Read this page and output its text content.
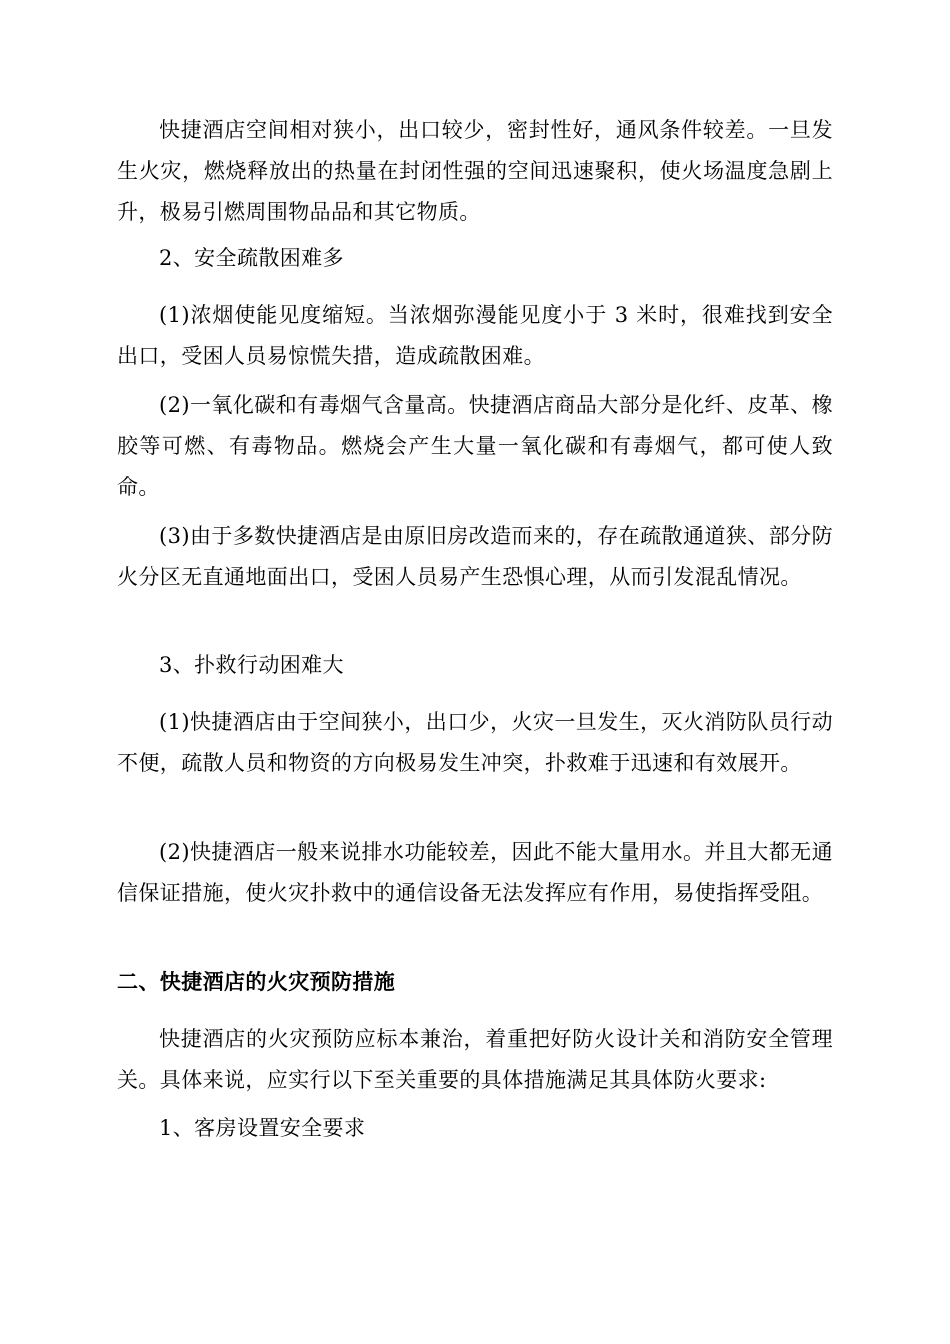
快捷酒店空间相对狭小，出口较少，密封性好，通风条件较差。一旦发生火灾，燃烧释放出的热量在封闭性强的空间迅速聚积，使火场温度急剧上升，极易引燃周围物品品和其它物质。

2、安全疏散困难多

(1)浓烟使能见度缩短。当浓烟弥漫能见度小于 3 米时，很难找到安全出口，受困人员易惊慌失措，造成疏散困难。

(2)一氧化碳和有毒烟气含量高。快捷酒店商品大部分是化纤、皮革、橡胶等可燃、有毒物品。燃烧会产生大量一氧化碳和有毒烟气，都可使人致命。

(3)由于多数快捷酒店是由原旧房改造而来的，存在疏散通道狭、部分防火分区无直通地面出口，受困人员易产生恐惧心理，从而引发混乱情况。

3、扑救行动困难大

(1)快捷酒店由于空间狭小，出口少，火灾一旦发生，灭火消防队员行动不便，疏散人员和物资的方向极易发生冲突，扑救难于迅速和有效展开。

(2)快捷酒店一般来说排水功能较差，因此不能大量用水。并且大都无通信保证措施，使火灾扑救中的通信设备无法发挥应有作用，易使指挥受阻。

二、快捷酒店的火灾预防措施

快捷酒店的火灾预防应标本兼治，着重把好防火设计关和消防安全管理关。具体来说，应实行以下至关重要的具体措施满足其具体防火要求:

1、客房设置安全要求
